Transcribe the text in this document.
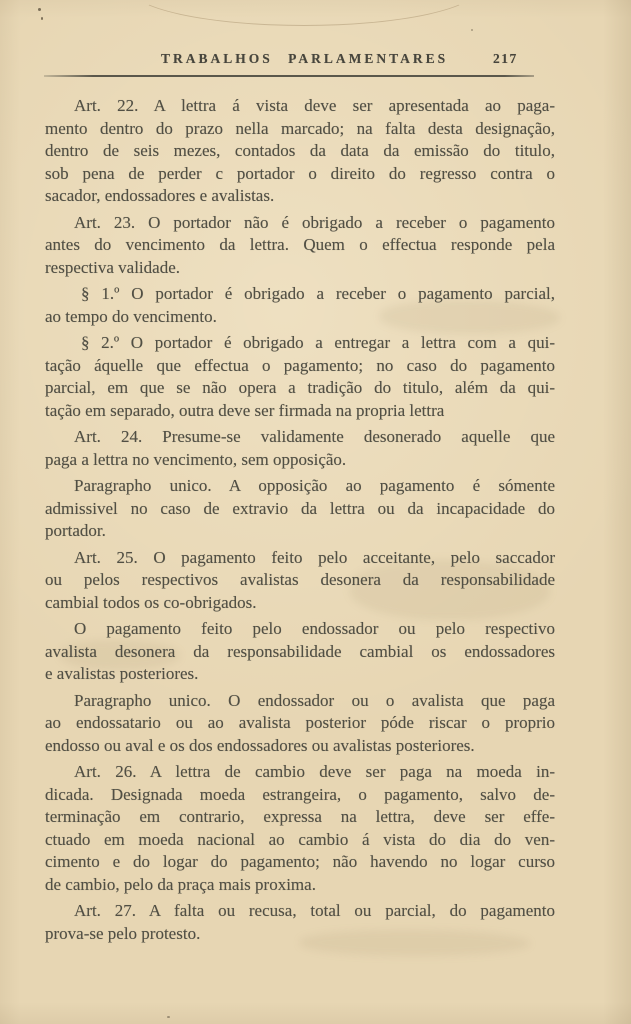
TRABALHOS PARLAMENTARES	217
Art. 22. A lettra á vista deve ser apresentada ao paga-
mento dentro do prazo nella marcado; na falta desta designação,
dentro de seis mezes, contados da data da emissão do titulo,
sob pena de perder c portador o direito do regresso contra o
sacador, endossadores e avalistas.
Art. 23. O portador não é obrigado a receber o pagamento
antes do vencimento da lettra. Quem o effectua responde pela
respectiva validade.
§ 1.º O portador é obrigado a receber o pagamento parcial,
ao tempo do vencimento.
§ 2.º O portador é obrigado a entregar a lettra com a qui-
tação áquelle que effectua o pagamento; no caso do pagamento
parcial, em que se não opera a tradição do titulo, além da qui-
tação em separado, outra deve ser firmada na propria lettra
Art. 24. Presume-se validamente desonerado aquelle que
paga a lettra no vencimento, sem opposição.
Paragrapho unico. A opposição ao pagamento é sómente
admissivel no caso de extravio da lettra ou da incapacidade do
portador.
Art. 25. O pagamento feito pelo acceitante, pelo saccador
ou pelos respectivos avalistas desonera da responsabilidade
cambial todos os co-obrigados.
O pagamento feito pelo endossador ou pelo respectivo
avalista desonera da responsabilidade cambial os endossadores
e avalistas posteriores.
Paragrapho unico. O endossador ou o avalista que paga
ao endossatario ou ao avalista posterior póde riscar o proprio
endosso ou aval e os dos endossadores ou avalistas posteriores.
Art. 26. A lettra de cambio deve ser paga na moeda in-
dicada. Designada moeda estrangeira, o pagamento, salvo de-
terminação em contrario, expressa na lettra, deve ser effe-
ctuado em moeda nacional ao cambio á vista do dia do ven-
cimento e do logar do pagamento; não havendo no logar curso
de cambio, pelo da praça mais proxima.
Art. 27. A falta ou recusa, total ou parcial, do pagamento
prova-se pelo protesto.
